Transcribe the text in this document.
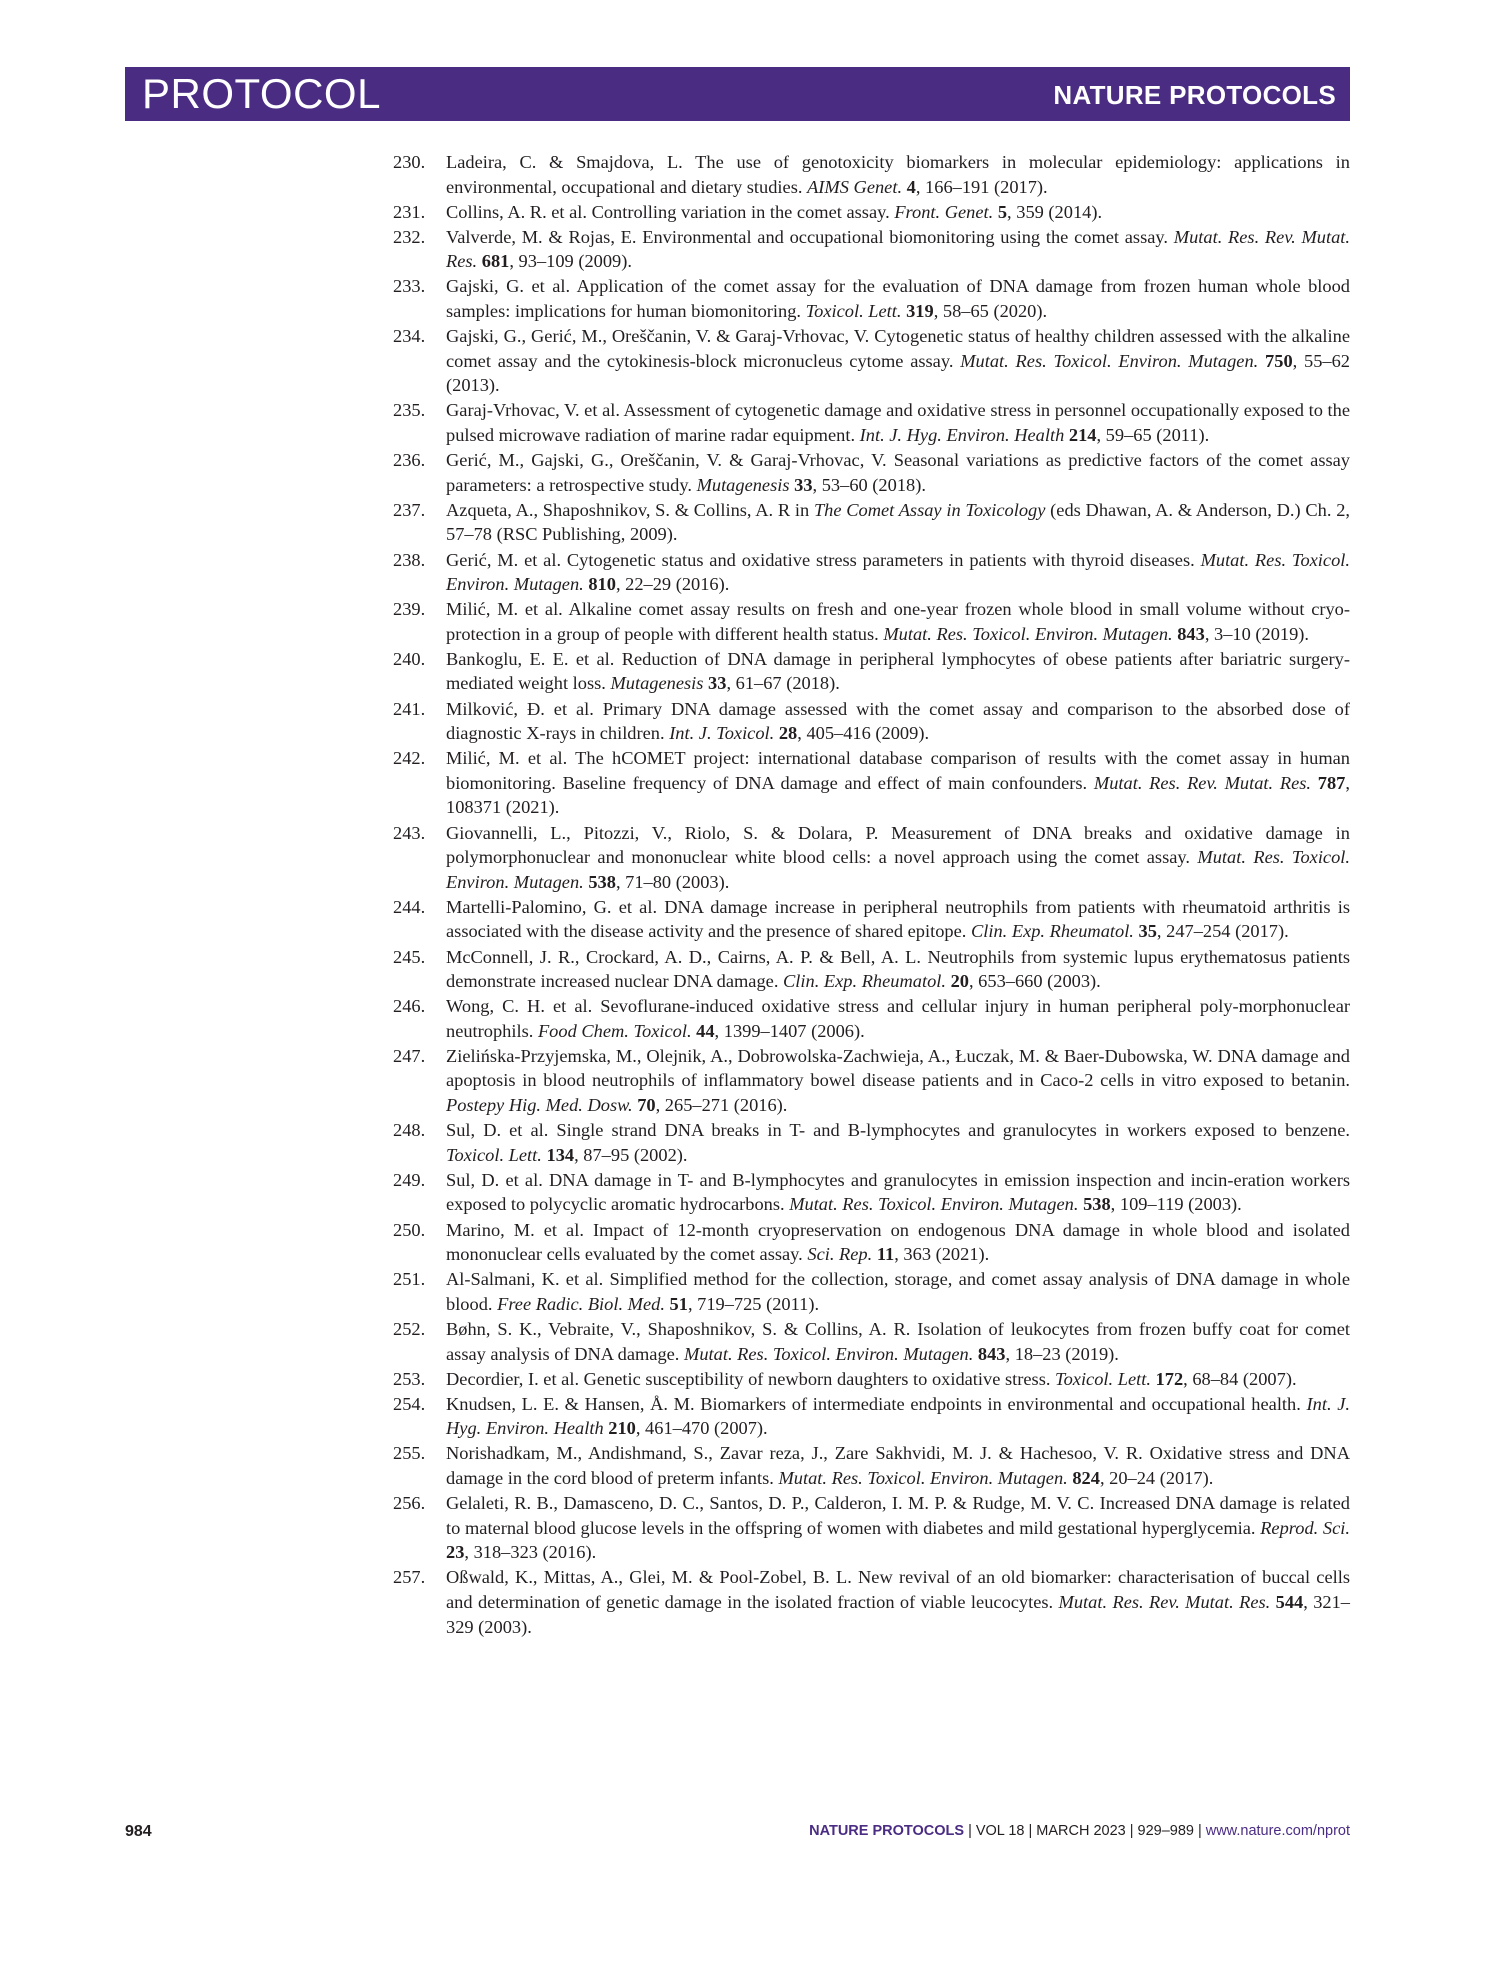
PROTOCOL	NATURE PROTOCOLS
230. Ladeira, C. & Smajdova, L. The use of genotoxicity biomarkers in molecular epidemiology: applications in environmental, occupational and dietary studies. AIMS Genet. 4, 166–191 (2017).
231. Collins, A. R. et al. Controlling variation in the comet assay. Front. Genet. 5, 359 (2014).
232. Valverde, M. & Rojas, E. Environmental and occupational biomonitoring using the comet assay. Mutat. Res. Rev. Mutat. Res. 681, 93–109 (2009).
233. Gajski, G. et al. Application of the comet assay for the evaluation of DNA damage from frozen human whole blood samples: implications for human biomonitoring. Toxicol. Lett. 319, 58–65 (2020).
234. Gajski, G., Gerić, M., Oreščanin, V. & Garaj-Vrhovac, V. Cytogenetic status of healthy children assessed with the alkaline comet assay and the cytokinesis-block micronucleus cytome assay. Mutat. Res. Toxicol. Environ. Mutagen. 750, 55–62 (2013).
235. Garaj-Vrhovac, V. et al. Assessment of cytogenetic damage and oxidative stress in personnel occupationally exposed to the pulsed microwave radiation of marine radar equipment. Int. J. Hyg. Environ. Health 214, 59–65 (2011).
236. Gerić, M., Gajski, G., Oreščanin, V. & Garaj-Vrhovac, V. Seasonal variations as predictive factors of the comet assay parameters: a retrospective study. Mutagenesis 33, 53–60 (2018).
237. Azqueta, A., Shaposhnikov, S. & Collins, A. R in The Comet Assay in Toxicology (eds Dhawan, A. & Anderson, D.) Ch. 2, 57–78 (RSC Publishing, 2009).
238. Gerić, M. et al. Cytogenetic status and oxidative stress parameters in patients with thyroid diseases. Mutat. Res. Toxicol. Environ. Mutagen. 810, 22–29 (2016).
239. Milić, M. et al. Alkaline comet assay results on fresh and one-year frozen whole blood in small volume without cryo-protection in a group of people with different health status. Mutat. Res. Toxicol. Environ. Mutagen. 843, 3–10 (2019).
240. Bankoglu, E. E. et al. Reduction of DNA damage in peripheral lymphocytes of obese patients after bariatric surgery-mediated weight loss. Mutagenesis 33, 61–67 (2018).
241. Milković, Đ. et al. Primary DNA damage assessed with the comet assay and comparison to the absorbed dose of diagnostic X-rays in children. Int. J. Toxicol. 28, 405–416 (2009).
242. Milić, M. et al. The hCOMET project: international database comparison of results with the comet assay in human biomonitoring. Baseline frequency of DNA damage and effect of main confounders. Mutat. Res. Rev. Mutat. Res. 787, 108371 (2021).
243. Giovannelli, L., Pitozzi, V., Riolo, S. & Dolara, P. Measurement of DNA breaks and oxidative damage in polymorphonuclear and mononuclear white blood cells: a novel approach using the comet assay. Mutat. Res. Toxicol. Environ. Mutagen. 538, 71–80 (2003).
244. Martelli-Palomino, G. et al. DNA damage increase in peripheral neutrophils from patients with rheumatoid arthritis is associated with the disease activity and the presence of shared epitope. Clin. Exp. Rheumatol. 35, 247–254 (2017).
245. McConnell, J. R., Crockard, A. D., Cairns, A. P. & Bell, A. L. Neutrophils from systemic lupus erythematosus patients demonstrate increased nuclear DNA damage. Clin. Exp. Rheumatol. 20, 653–660 (2003).
246. Wong, C. H. et al. Sevoflurane-induced oxidative stress and cellular injury in human peripheral poly-morphonuclear neutrophils. Food Chem. Toxicol. 44, 1399–1407 (2006).
247. Zielińska-Przyjemska, M., Olejnik, A., Dobrowolska-Zachwieja, A., Łuczak, M. & Baer-Dubowska, W. DNA damage and apoptosis in blood neutrophils of inflammatory bowel disease patients and in Caco-2 cells in vitro exposed to betanin. Postepy Hig. Med. Dosw. 70, 265–271 (2016).
248. Sul, D. et al. Single strand DNA breaks in T- and B-lymphocytes and granulocytes in workers exposed to benzene. Toxicol. Lett. 134, 87–95 (2002).
249. Sul, D. et al. DNA damage in T- and B-lymphocytes and granulocytes in emission inspection and incin-eration workers exposed to polycyclic aromatic hydrocarbons. Mutat. Res. Toxicol. Environ. Mutagen. 538, 109–119 (2003).
250. Marino, M. et al. Impact of 12-month cryopreservation on endogenous DNA damage in whole blood and isolated mononuclear cells evaluated by the comet assay. Sci. Rep. 11, 363 (2021).
251. Al-Salmani, K. et al. Simplified method for the collection, storage, and comet assay analysis of DNA damage in whole blood. Free Radic. Biol. Med. 51, 719–725 (2011).
252. Bøhn, S. K., Vebraite, V., Shaposhnikov, S. & Collins, A. R. Isolation of leukocytes from frozen buffy coat for comet assay analysis of DNA damage. Mutat. Res. Toxicol. Environ. Mutagen. 843, 18–23 (2019).
253. Decordier, I. et al. Genetic susceptibility of newborn daughters to oxidative stress. Toxicol. Lett. 172, 68–84 (2007).
254. Knudsen, L. E. & Hansen, Å. M. Biomarkers of intermediate endpoints in environmental and occupational health. Int. J. Hyg. Environ. Health 210, 461–470 (2007).
255. Norishadkam, M., Andishmand, S., Zavar reza, J., Zare Sakhvidi, M. J. & Hachesoo, V. R. Oxidative stress and DNA damage in the cord blood of preterm infants. Mutat. Res. Toxicol. Environ. Mutagen. 824, 20–24 (2017).
256. Gelaleti, R. B., Damasceno, D. C., Santos, D. P., Calderon, I. M. P. & Rudge, M. V. C. Increased DNA damage is related to maternal blood glucose levels in the offspring of women with diabetes and mild gestational hyperglycemia. Reprod. Sci. 23, 318–323 (2016).
257. Oßwald, K., Mittas, A., Glei, M. & Pool-Zobel, B. L. New revival of an old biomarker: characterisation of buccal cells and determination of genetic damage in the isolated fraction of viable leucocytes. Mutat. Res. Rev. Mutat. Res. 544, 321–329 (2003).
984	NATURE PROTOCOLS | VOL 18 | MARCH 2023 | 929–989 | www.nature.com/nprot
